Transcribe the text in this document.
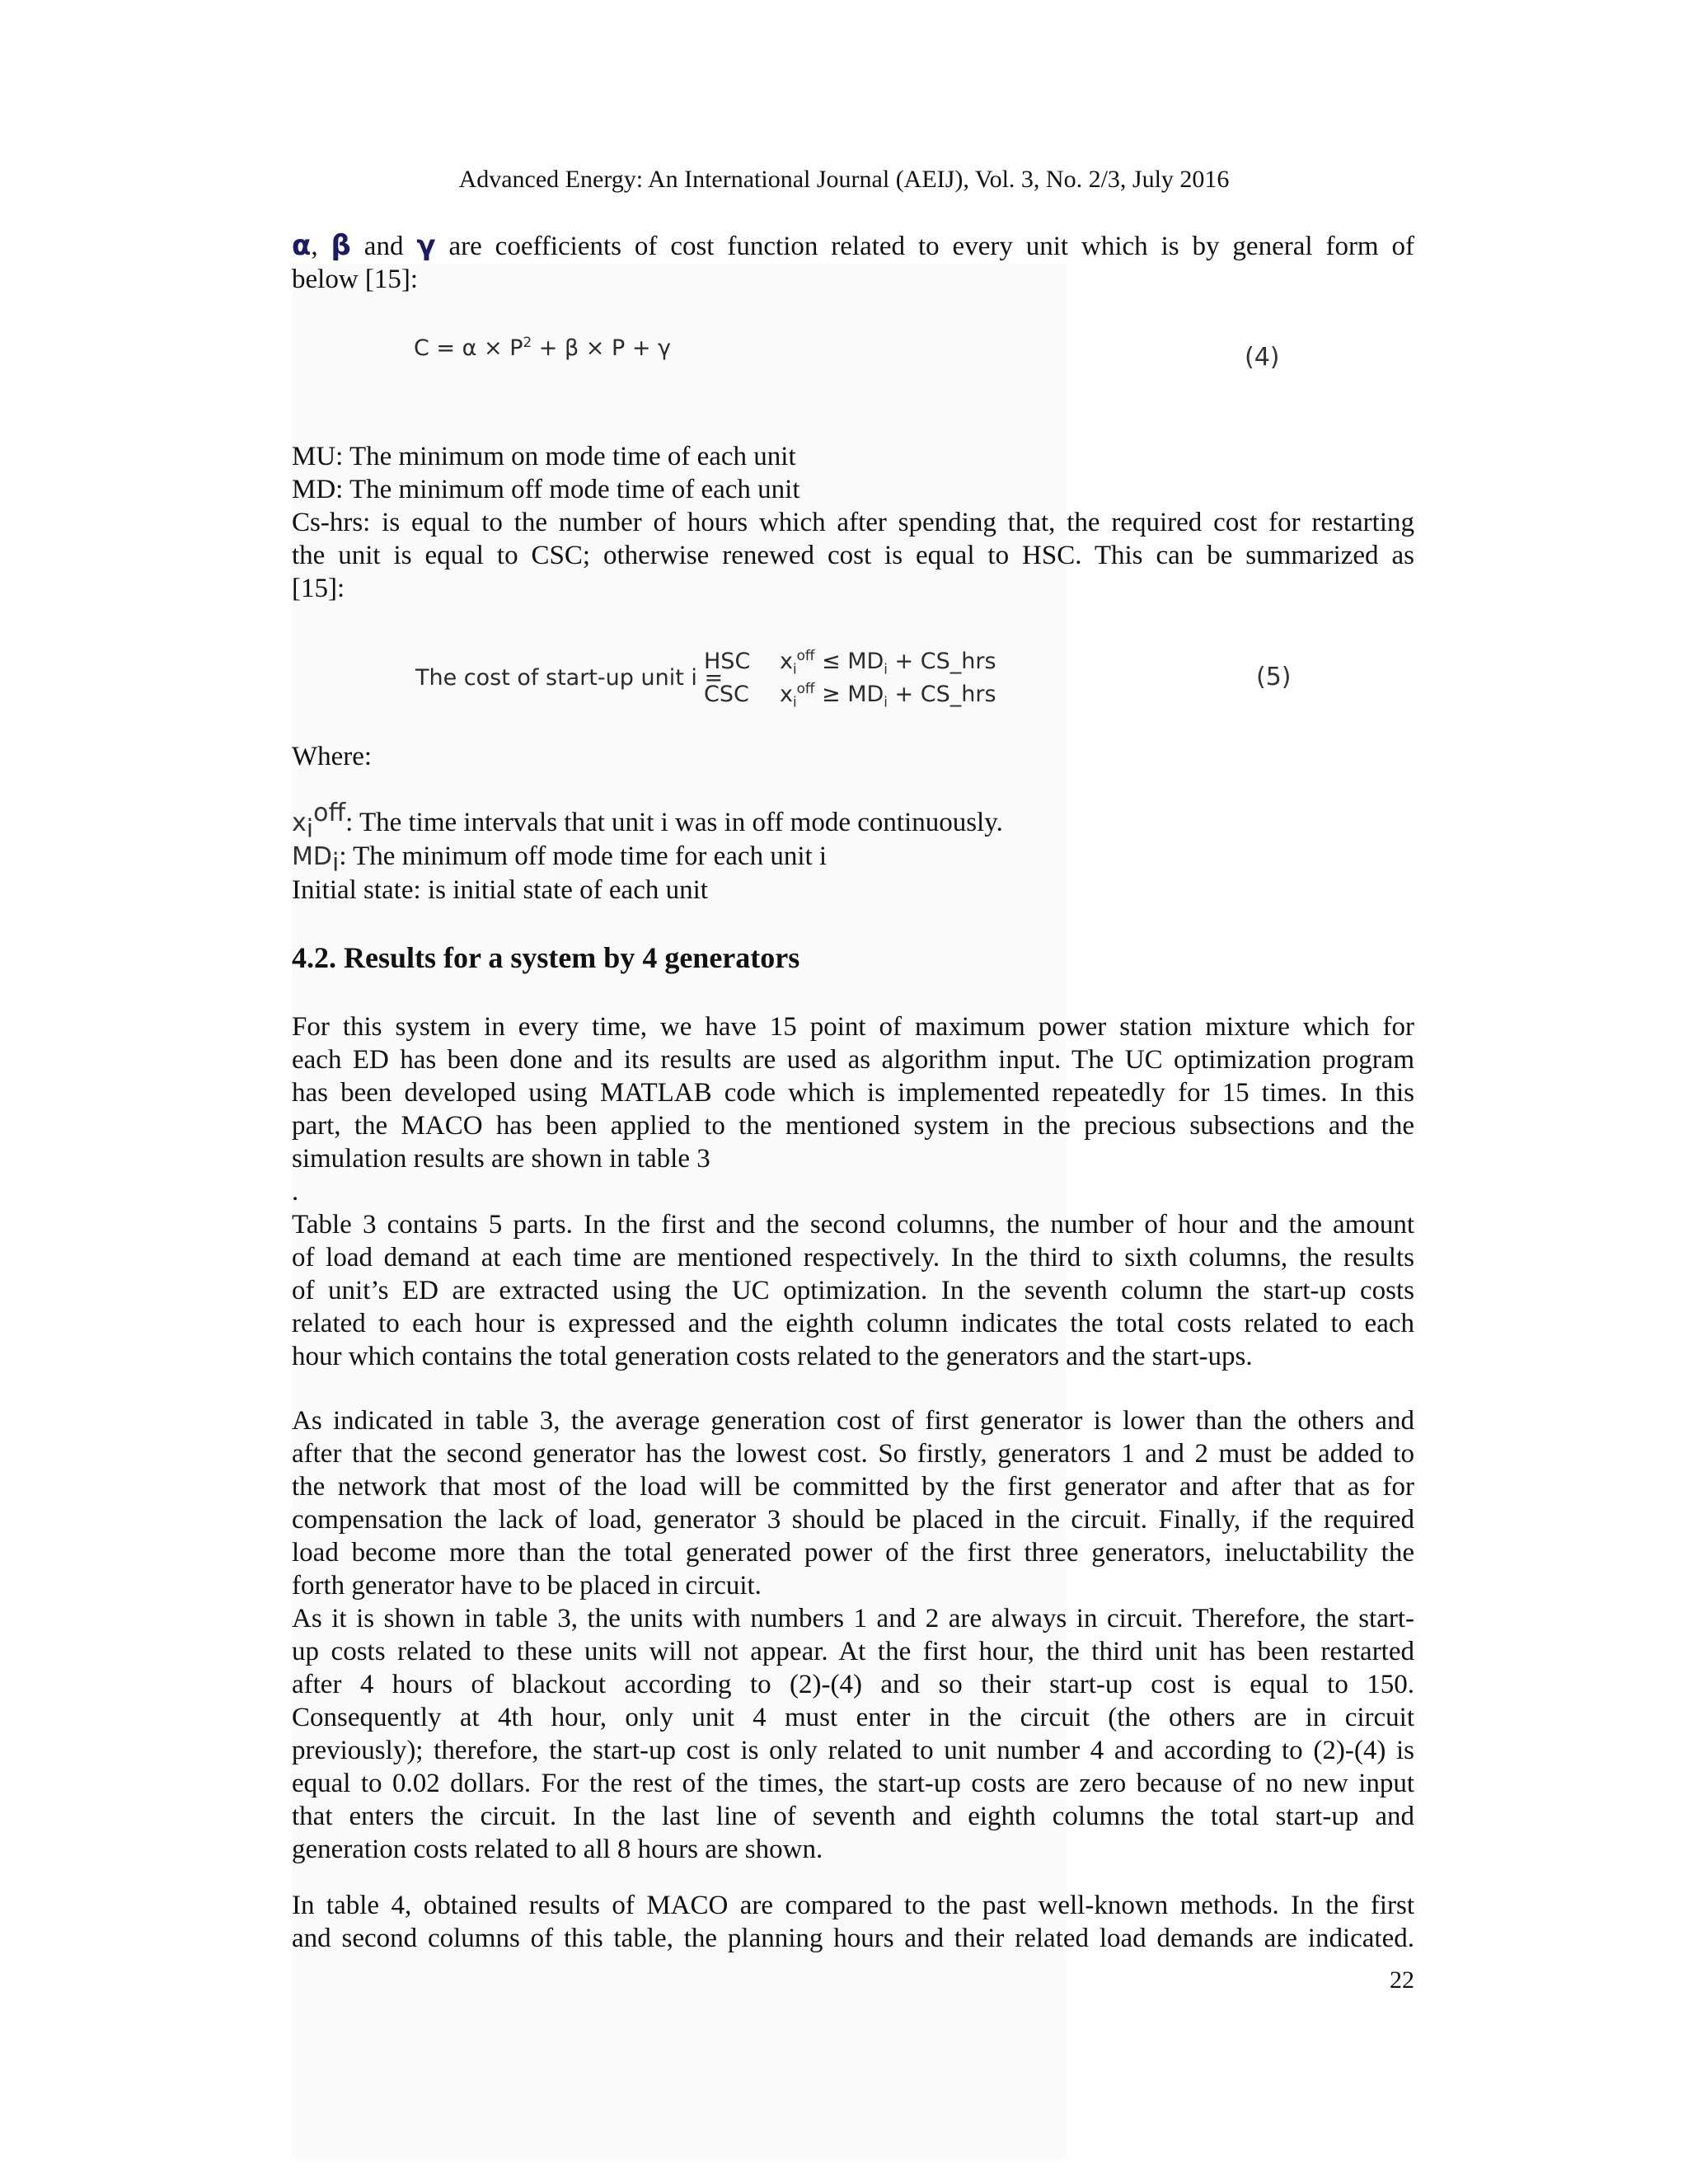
Advanced Energy: An International Journal (AEIJ), Vol. 3, No. 2/3, July 2016
α, β and γ are coefficients of cost function related to every unit which is by general form of
below [15]:
$C = \alpha \times P^2 + \beta \times P + \gamma$	(4)
MU: The minimum on mode time of each unit
MD: The minimum off mode time of each unit
Cs-hrs: is equal to the number of hours which after spending that, the required cost for restarting
the unit is equal to CSC; otherwise renewed cost is equal to HSC. This can be summarized as
[15]:
The cost of start-up unit i =
HSC
CSC
$x_i^{off} \le MD_i$ + CS_hrs
$x_i^{off} \ge MD_i$ + CS_hrs
(5)
Where:
$x_i^{off}$: The time intervals that unit i was in off mode continuously.
$MD_i$: The minimum off mode time for each unit i
Initial state: is initial state of each unit
4.2. Results for a system by 4 generators
For this system in every time, we have 15 point of maximum power station mixture which for
each ED has been done and its results are used as algorithm input. The UC optimization program
has been developed using MATLAB code which is implemented repeatedly for 15 times. In this
part, the MACO has been applied to the mentioned system in the precious subsections and the
simulation results are shown in table 3
.
Table 3 contains 5 parts. In the first and the second columns, the number of hour and the amount
of load demand at each time are mentioned respectively. In the third to sixth columns, the results
of unit’s ED are extracted using the UC optimization. In the seventh column the start-up costs
related to each hour is expressed and the eighth column indicates the total costs related to each
hour which contains the total generation costs related to the generators and the start-ups.
As indicated in table 3, the average generation cost of first generator is lower than the others and
after that the second generator has the lowest cost. So firstly, generators 1 and 2 must be added to
the network that most of the load will be committed by the first generator and after that as for
compensation the lack of load, generator 3 should be placed in the circuit. Finally, if the required
load become more than the total generated power of the first three generators, ineluctability the
forth generator have to be placed in circuit.
As it is shown in table 3, the units with numbers 1 and 2 are always in circuit. Therefore, the start-
up costs related to these units will not appear. At the first hour, the third unit has been restarted
after 4 hours of blackout according to (2)-(4) and so their start-up cost is equal to 150.
Consequently at 4th hour, only unit 4 must enter in the circuit (the others are in circuit
previously); therefore, the start-up cost is only related to unit number 4 and according to (2)-(4) is
equal to 0.02 dollars. For the rest of the times, the start-up costs are zero because of no new input
that enters the circuit. In the last line of seventh and eighth columns the total start-up and
generation costs related to all 8 hours are shown.
In table 4, obtained results of MACO are compared to the past well-known methods. In the first
and second columns of this table, the planning hours and their related load demands are indicated.
22
